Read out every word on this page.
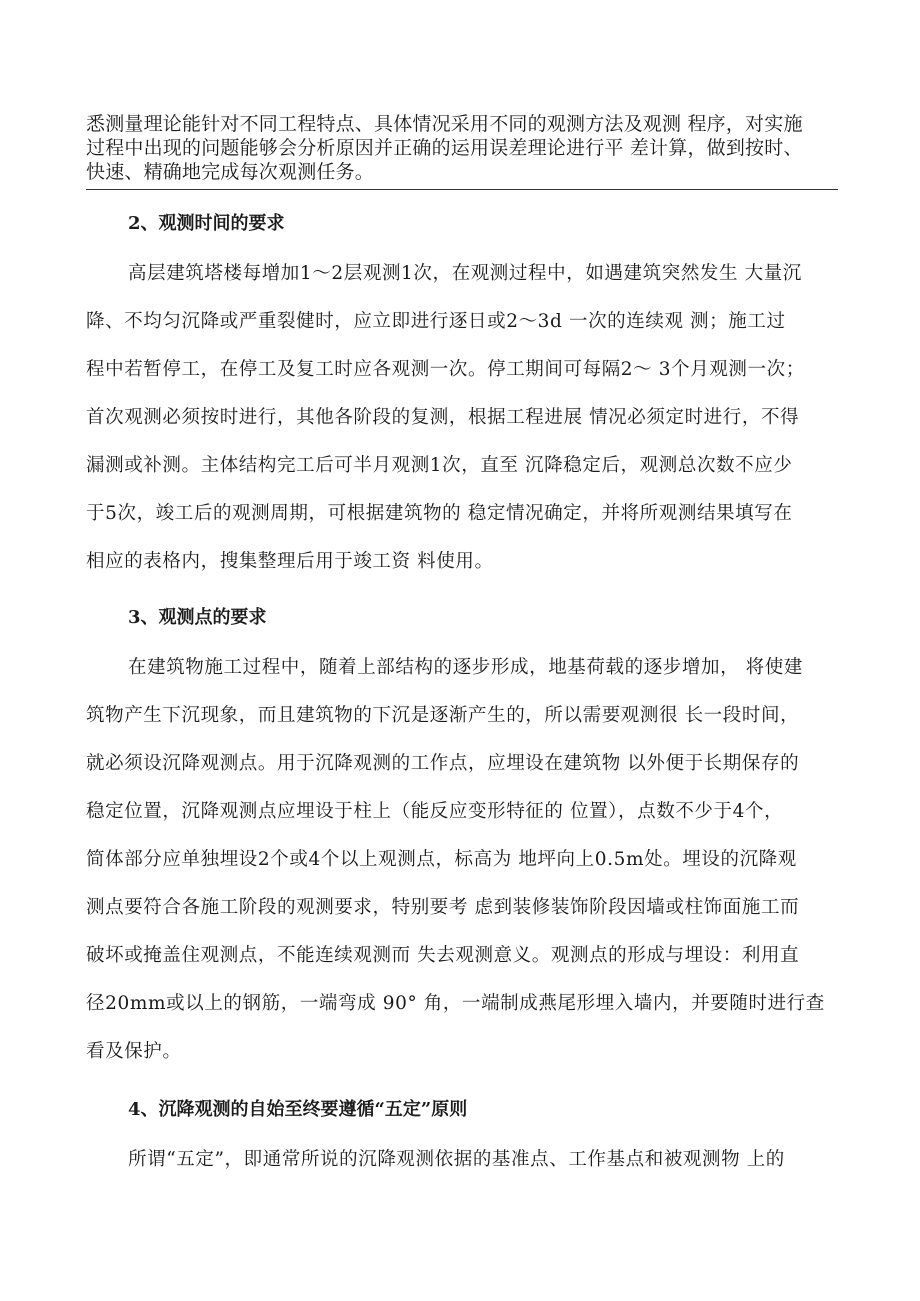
悉测量理论能针对不同工程特点、具体情况采用不同的观测方法及观测 程序，对实施
过程中出现的问题能够会分析原因并正确的运用误差理论进行平 差计算，做到按时、
快速、精确地完成每次观测任务。
2、观测时间的要求
高层建筑塔楼每增加1～2层观测1次，在观测过程中，如遇建筑突然发生 大量沉
降、不均匀沉降或严重裂健时，应立即进行逐日或2～3d 一次的连续观 测；施工过
程中若暂停工，在停工及复工时应各观测一次。停工期间可每隔2～ 3个月观测一次；
首次观测必须按时进行，其他各阶段的复测，根据工程进展 情况必须定时进行，不得
漏测或补测。主体结构完工后可半月观测1次，直至 沉降稳定后，观测总次数不应少
于5次，竣工后的观测周期，可根据建筑物的 稳定情况确定，并将所观测结果填写在
相应的表格内，搜集整理后用于竣工资 料使用。
3、观测点的要求
在建筑物施工过程中，随着上部结构的逐步形成，地基荷载的逐步增加， 将使建
筑物产生下沉现象，而且建筑物的下沉是逐渐产生的，所以需要观测很 长一段时间，
就必须设沉降观测点。用于沉降观测的工作点，应埋设在建筑物 以外便于长期保存的
稳定位置，沉降观测点应埋设于柱上（能反应变形特征的 位置），点数不少于4个，
简体部分应单独埋设2个或4个以上观测点，标高为 地坪向上0.5m处。埋设的沉降观
测点要符合各施工阶段的观测要求，特别要考 虑到装修装饰阶段因墙或柱饰面施工而
破坏或掩盖住观测点，不能连续观测而 失去观测意义。观测点的形成与埋设：利用直
径20mm或以上的钢筋，一端弯成 90° 角，一端制成燕尾形埋入墙内，并要随时进行查
看及保护。
4、沉降观测的自始至终要遵循“五定”原则
所谓“五定”，即通常所说的沉降观测依据的基准点、工作基点和被观测物 上的
